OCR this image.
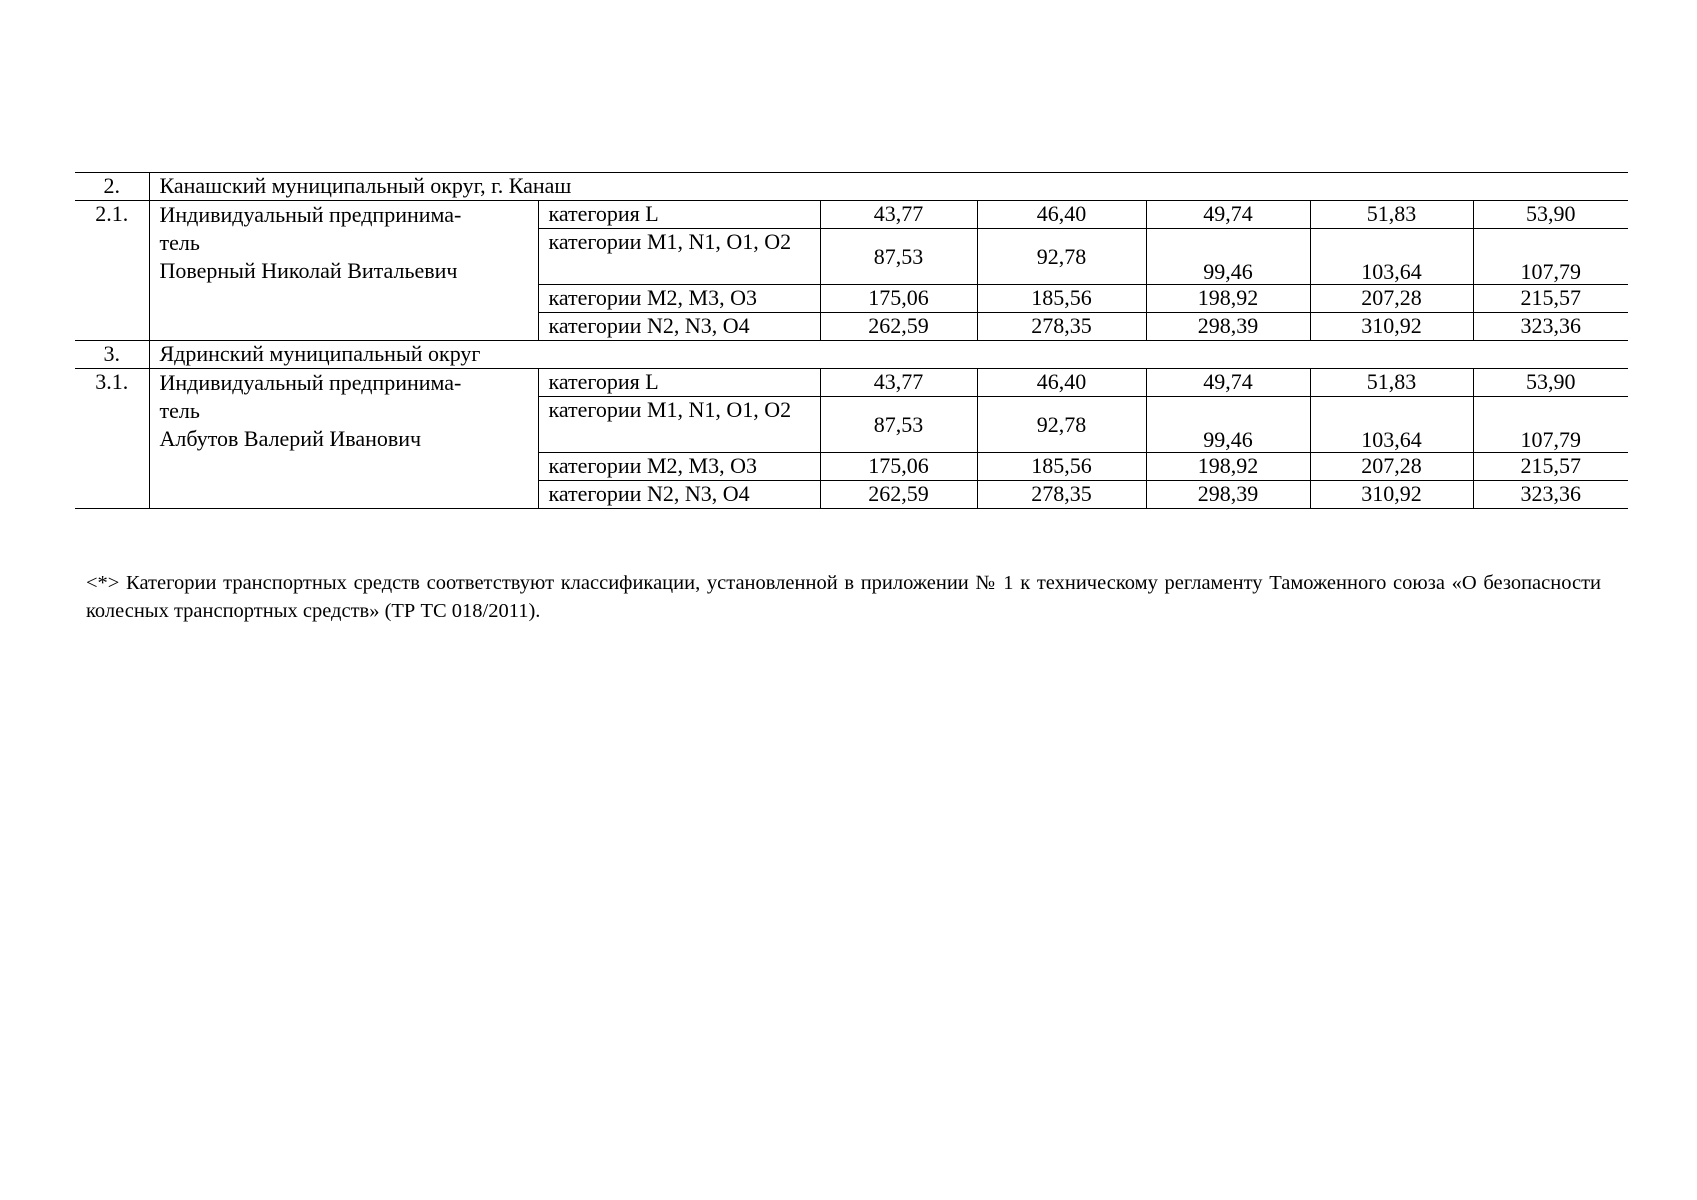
2.	Канашский муниципальный округ, г. Канаш						
2.1.	Индивидуальный предпринима-
тель
Поверный Николай Витальевич	категория L	43,77	46,40	49,74	51,83	53,90
		категории M1, N1, O1, O2	87,53	92,78	99,46	103,64	107,79
		категории M2, M3, O3	175,06	185,56	198,92	207,28	215,57
		категории N2, N3, O4	262,59	278,35	298,39	310,92	323,36
3.	Ядринский муниципальный округ						
3.1.	Индивидуальный предпринима-
тель
Албутов Валерий Иванович	категория L	43,77	46,40	49,74	51,83	53,90
		категории M1, N1, O1, O2	87,53	92,78	99,46	103,64	107,79
		категории M2, M3, O3	175,06	185,56	198,92	207,28	215,57
		категории N2, N3, O4	262,59	278,35	298,39	310,92	323,36

<*> Категории транспортных средств соответствуют классификации, установленной в приложении № 1 к техническому регламенту Таможенного союза «О безопасности колесных транспортных средств» (ТР ТС 018/2011).
